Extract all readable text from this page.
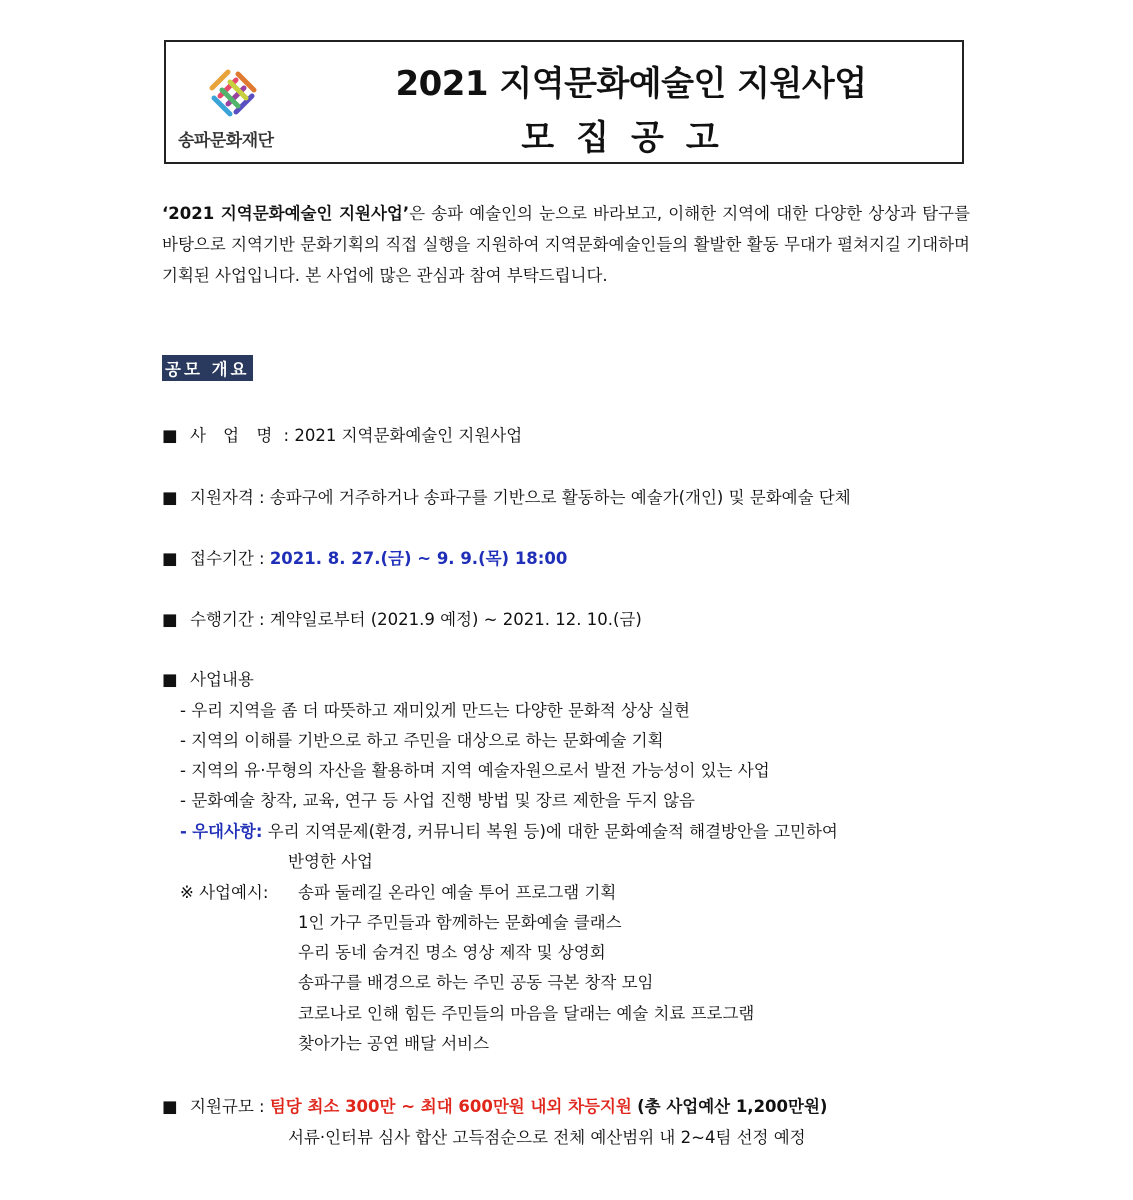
송파문화재단
2021 지역문화예술인 지원사업
모집공고
‘2021 지역문화예술인 지원사업’은 송파 예술인의 눈으로 바라보고, 이해한 지역에 대한 다양한 상상과 탐구를 바탕으로 지역기반 문화기획의 직접 실행을 지원하여 지역문화예술인들의 활발한 활동 무대가 펼쳐지길 기대하며 기획된 사업입니다. 본 사업에 많은 관심과 참여 부탁드립니다.
공모 개요
■ 사 업 명 : 2021 지역문화예술인 지원사업
■ 지원자격 : 송파구에 거주하거나 송파구를 기반으로 활동하는 예술가(개인) 및 문화예술 단체
■ 접수기간 : 2021. 8. 27.(금) ~ 9. 9.(목) 18:00
■ 수행기간 : 계약일로부터 (2021.9 예정) ~ 2021. 12. 10.(금)
■ 사업내용
- 우리 지역을 좀 더 따뜻하고 재미있게 만드는 다양한 문화적 상상 실현
- 지역의 이해를 기반으로 하고 주민을 대상으로 하는 문화예술 기획
- 지역의 유·무형의 자산을 활용하며 지역 예술자원으로서 발전 가능성이 있는 사업
- 문화예술 창작, 교육, 연구 등 사업 진행 방법 및 장르 제한을 두지 않음
- 우대사항: 우리 지역문제(환경, 커뮤니티 복원 등)에 대한 문화예술적 해결방안을 고민하여
반영한 사업
※ 사업예시: 송파 둘레길 온라인 예술 투어 프로그램 기획
1인 가구 주민들과 함께하는 문화예술 클래스
우리 동네 숨겨진 명소 영상 제작 및 상영회
송파구를 배경으로 하는 주민 공동 극본 창작 모임
코로나로 인해 힘든 주민들의 마음을 달래는 예술 치료 프로그램
찾아가는 공연 배달 서비스
■ 지원규모 : 팀당 최소 300만 ~ 최대 600만원 내외 차등지원 (총 사업예산 1,200만원)
서류·인터뷰 심사 합산 고득점순으로 전체 예산범위 내 2~4팀 선정 예정
